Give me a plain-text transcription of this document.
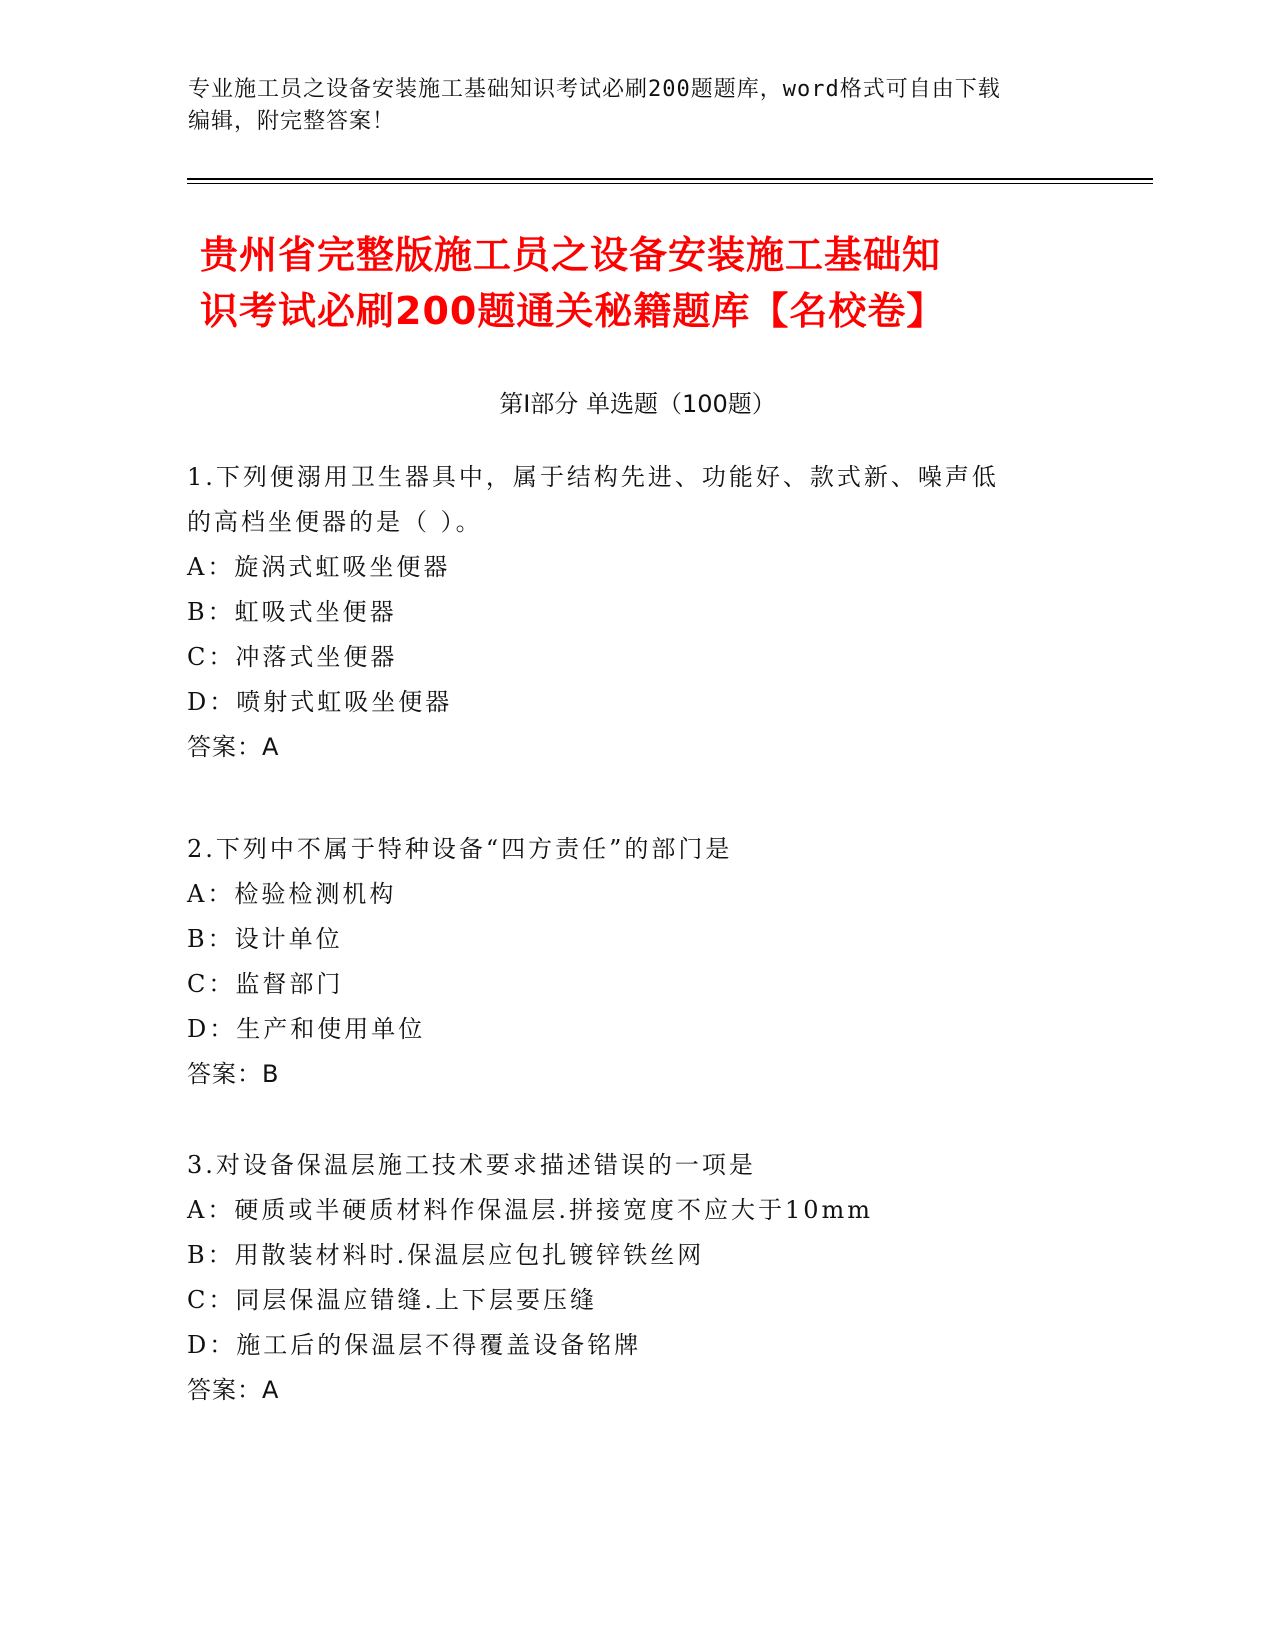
专业施工员之设备安装施工基础知识考试必刷200题题库，word格式可自由下载
编辑，附完整答案！
贵州省完整版施工员之设备安装施工基础知
识考试必刷200题通关秘籍题库【名校卷】
第Ⅰ部分 单选题（100题）

1.下列便溺用卫生器具中，属于结构先进、功能好、款式新、噪声低

的高档坐便器的是（ ）。

A：旋涡式虹吸坐便器

B：虹吸式坐便器

C：冲落式坐便器

D：喷射式虹吸坐便器

答案：A

2.下列中不属于特种设备“四方责任”的部门是

A：检验检测机构

B：设计单位

C：监督部门

D：生产和使用单位

答案：B

3.对设备保温层施工技术要求描述错误的一项是

A：硬质或半硬质材料作保温层.拼接宽度不应大于10mm

B：用散装材料时.保温层应包扎镀锌铁丝网

C：同层保温应错缝.上下层要压缝

D：施工后的保温层不得覆盖设备铭牌

答案：A
